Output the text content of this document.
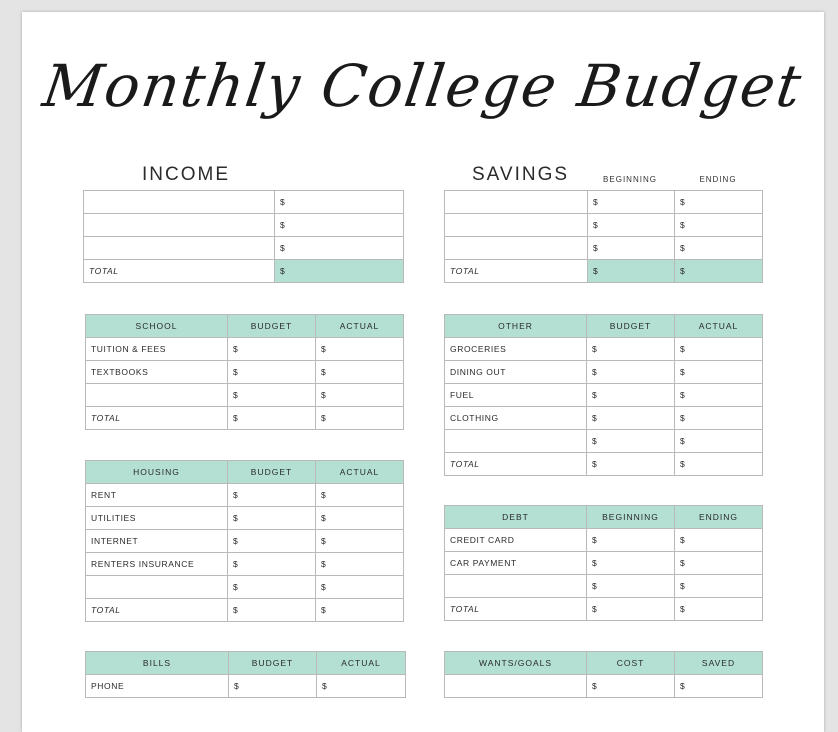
Monthly College Budget
INCOME
	$
	$
	$
TOTAL	$
SAVINGS	BEGINNING	ENDING
	$	$
	$	$
	$	$
TOTAL	$	$
SCHOOL	BUDGET	ACTUAL
TUITION & FEES	$	$
TEXTBOOKS	$	$
	$	$
TOTAL	$	$
OTHER	BUDGET	ACTUAL
GROCERIES	$	$
DINING OUT	$	$
FUEL	$	$
CLOTHING	$	$
	$	$
TOTAL	$	$
HOUSING	BUDGET	ACTUAL
RENT	$	$
UTILITIES	$	$
INTERNET	$	$
RENTERS INSURANCE	$	$
	$	$
TOTAL	$	$
DEBT	BEGINNING	ENDING
CREDIT CARD	$	$
CAR PAYMENT	$	$
	$	$
TOTAL	$	$
BILLS	BUDGET	ACTUAL
PHONE	$	$
WANTS/GOALS	COST	SAVED
	$	$
